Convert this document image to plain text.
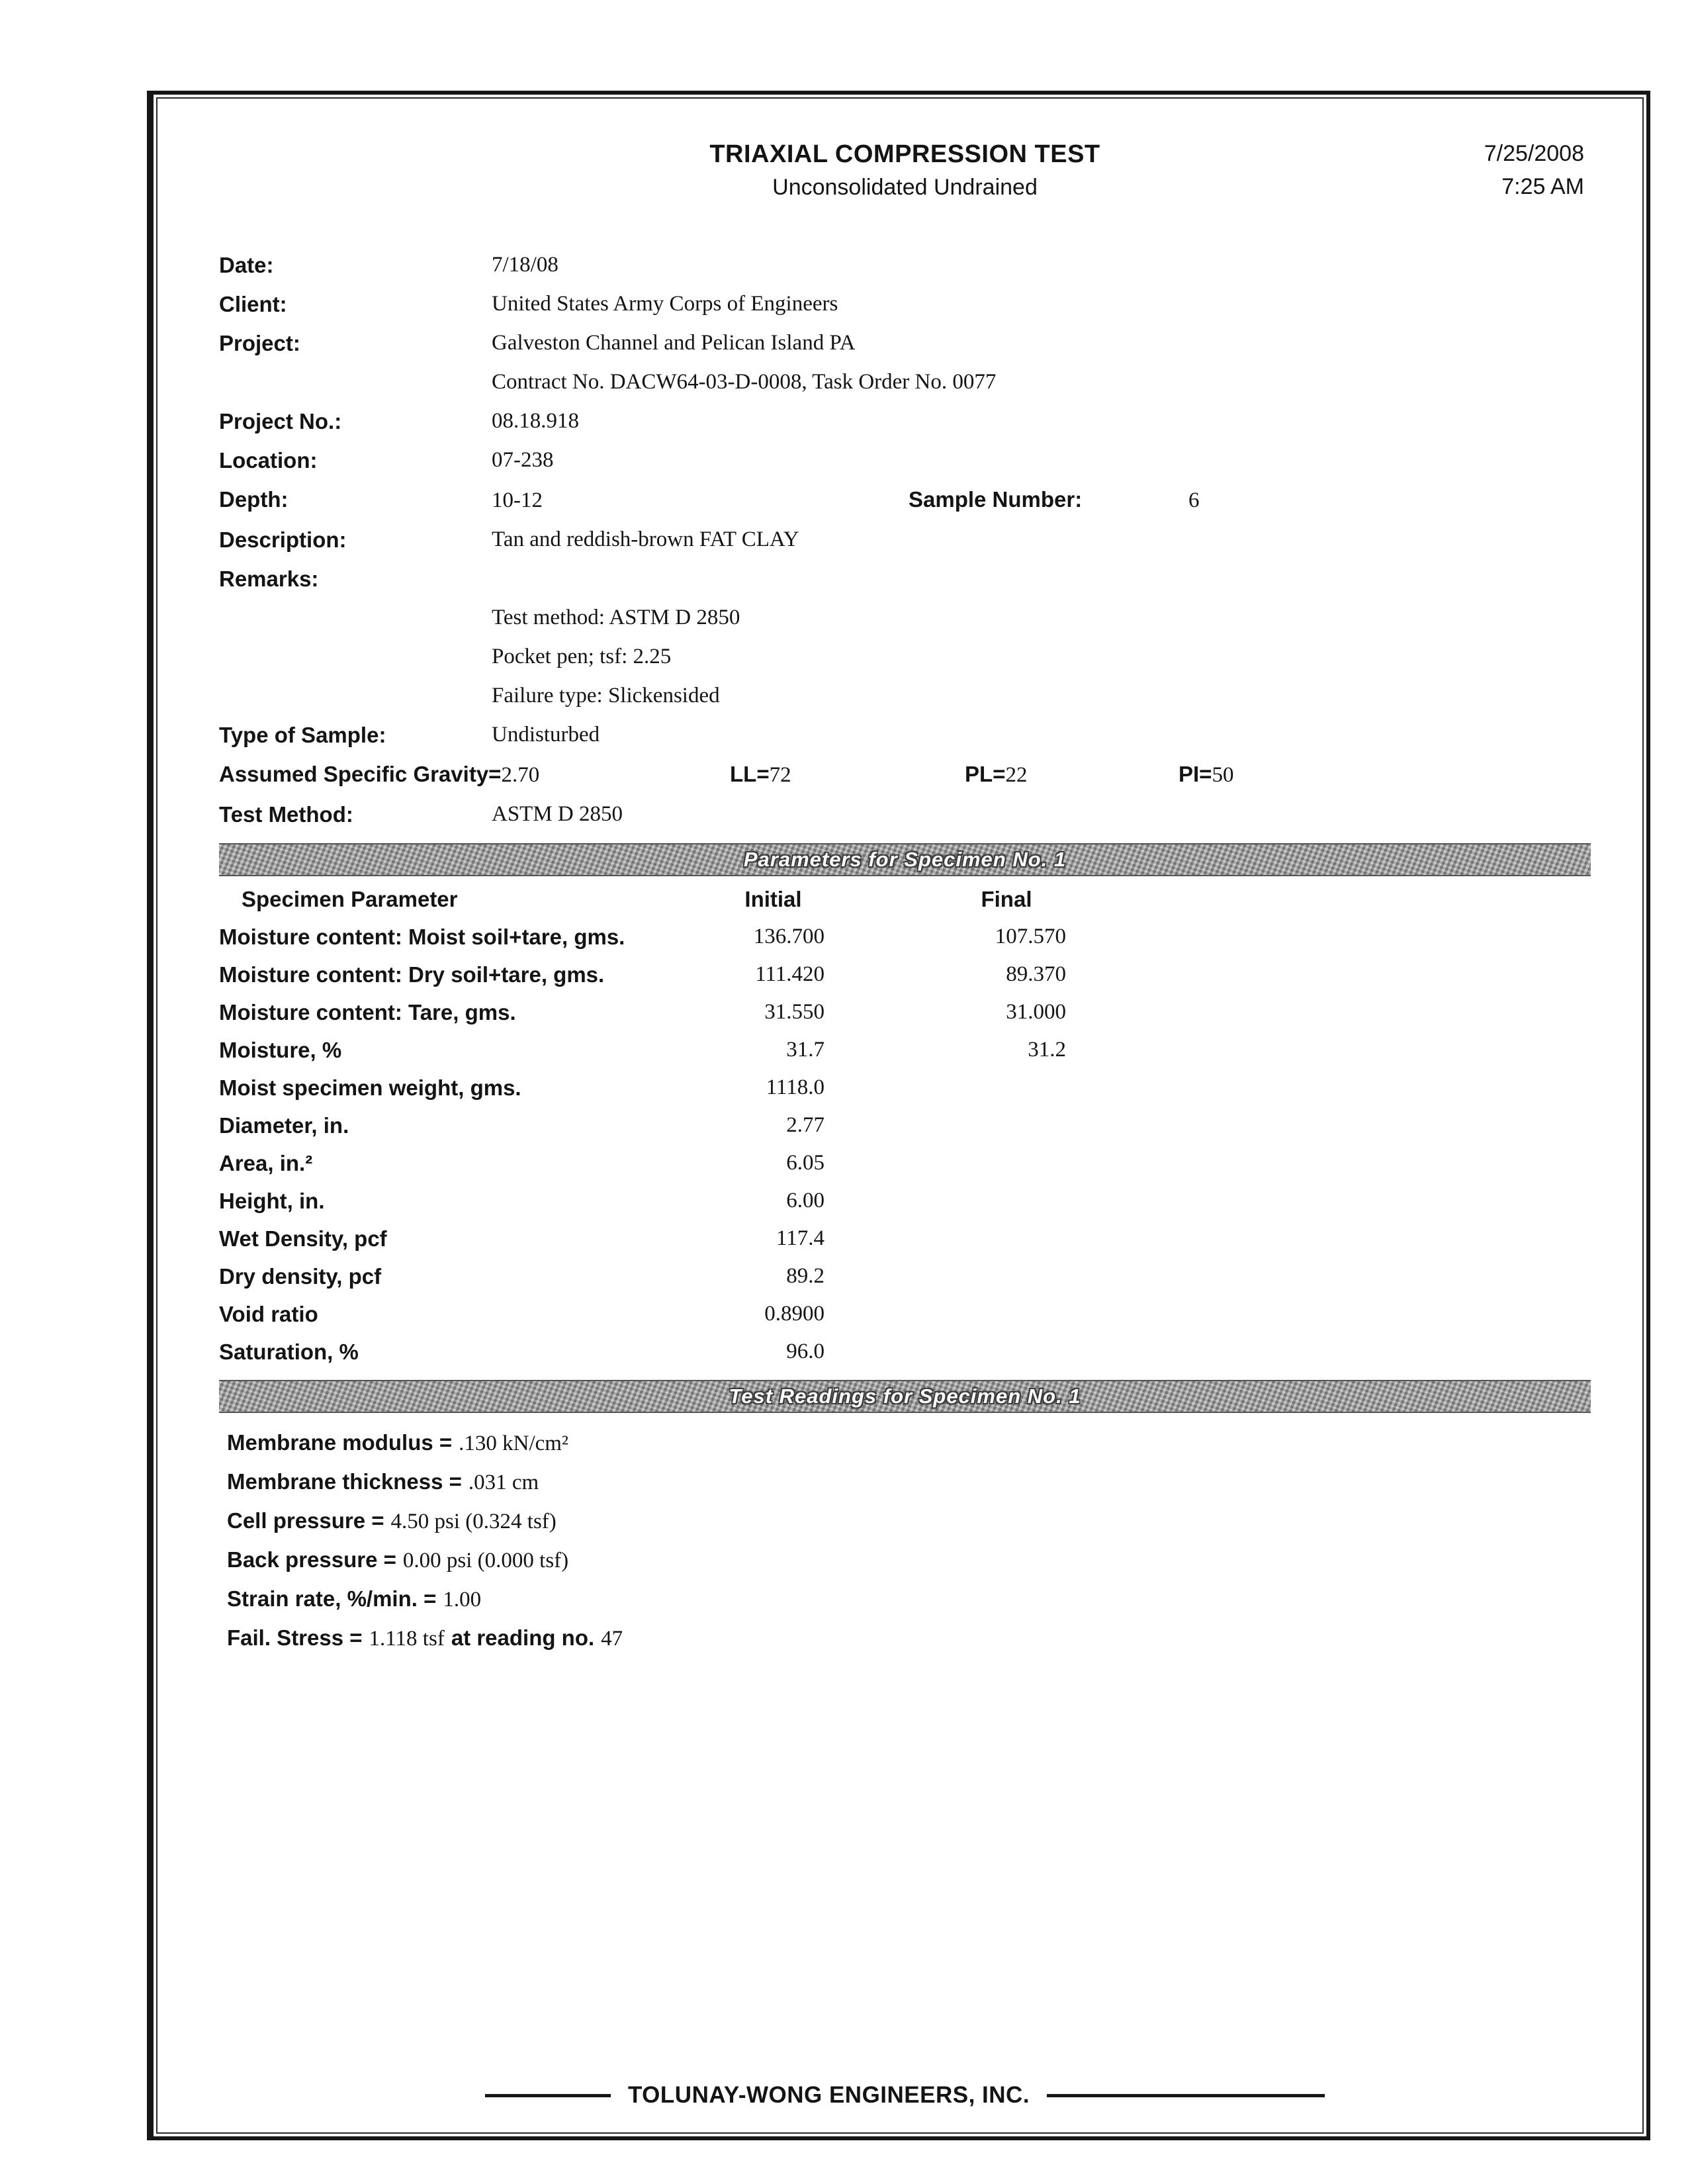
TRIAXIAL COMPRESSION TEST
Unconsolidated Undrained
7/25/2008
7:25 AM
Date:	7/18/08
Client:	United States Army Corps of Engineers
Project:	Galveston Channel and Pelican Island PA
Contract No. DACW64-03-D-0008, Task Order No. 0077
Project No.:	08.18.918
Location:	07-238
Depth:	10-12	Sample Number:	6
Description:	Tan and reddish-brown FAT CLAY
Remarks:
Test method: ASTM D 2850
Pocket pen; tsf: 2.25
Failure type: Slickensided
Type of Sample:	Undisturbed
Assumed Specific Gravity=2.70	LL=72	PL=22	PI=50
Test Method:	ASTM D 2850
Parameters for Specimen No. 1
Specimen Parameter	Initial	Final
Moisture content: Moist soil+tare, gms.	136.700	107.570
Moisture content: Dry soil+tare, gms.	111.420	89.370
Moisture content: Tare, gms.	31.550	31.000
Moisture, %	31.7	31.2
Moist specimen weight, gms.	1118.0
Diameter, in.	2.77
Area, in.²	6.05
Height, in.	6.00
Wet Density, pcf	117.4
Dry density, pcf	89.2
Void ratio	0.8900
Saturation, %	96.0
Test Readings for Specimen No. 1
Membrane modulus = .130 kN/cm²
Membrane thickness = .031 cm
Cell pressure = 4.50 psi (0.324 tsf)
Back pressure = 0.00 psi (0.000 tsf)
Strain rate, %/min. = 1.00
Fail. Stress = 1.118 tsf at reading no. 47
TOLUNAY-WONG ENGINEERS, INC.
